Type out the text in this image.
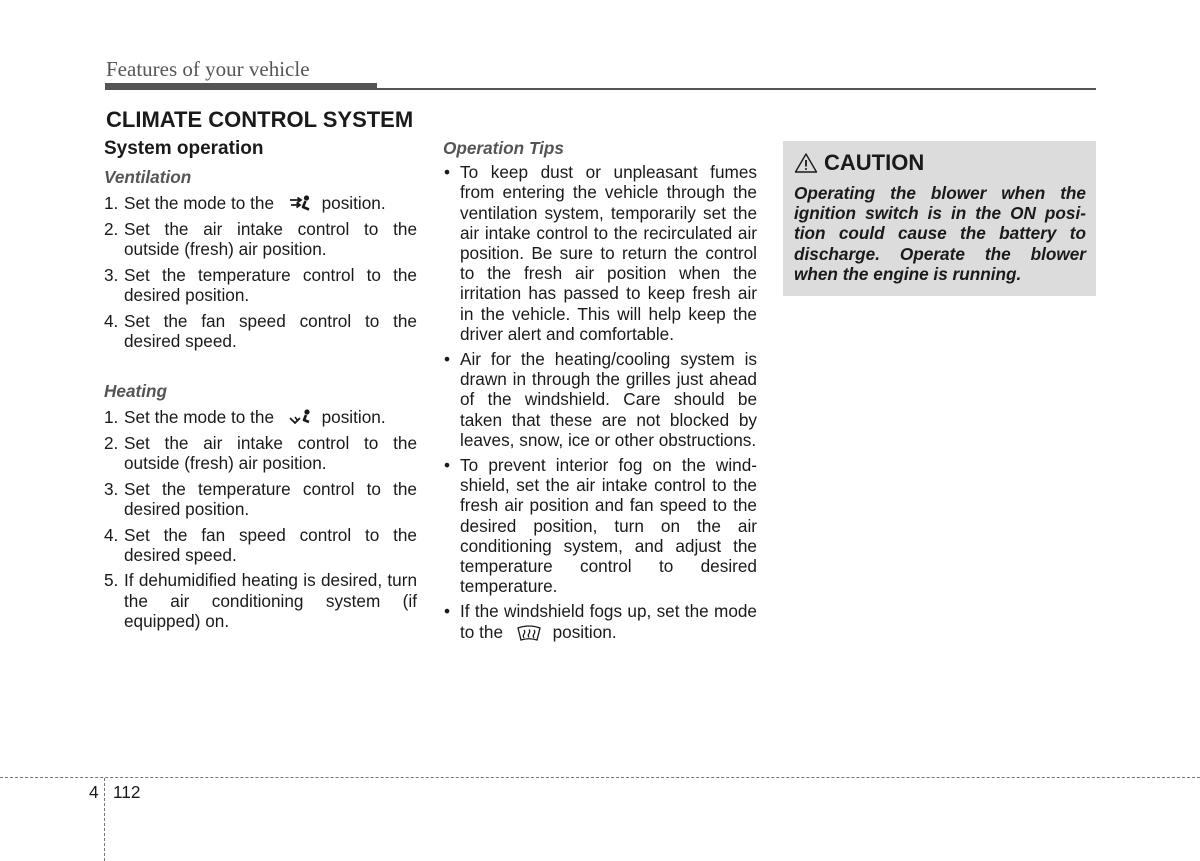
Features of your vehicle
CLIMATE CONTROL SYSTEM
System operation
Ventilation
1. Set the mode to the	position.
2. Set the air intake control to the outside (fresh) air position.
3. Set the temperature control to the desired position.
4. Set the fan speed control to the desired speed.
Heating
1. Set the mode to the	position.
2. Set the air intake control to the outside (fresh) air position.
3. Set the temperature control to the desired position.
4. Set the fan speed control to the desired speed.
5. If dehumidified heating is desired, turn the air conditioning system (if equipped) on.
Operation Tips
• To keep dust or unpleasant fumes from entering the vehicle through the ventilation system, temporarily set the air intake control to the recirculated air position. Be sure to return the control to the fresh air position when the irritation has passed to keep fresh air in the vehicle. This will help keep the driver alert and comfortable.
• Air for the heating/cooling system is drawn in through the grilles just ahead of the windshield. Care should be taken that these are not blocked by leaves, snow, ice or other obstructions.
• To prevent interior fog on the windshield, set the air intake control to the fresh air position and fan speed to the desired position, turn on the air conditioning system, and adjust the temperature control to desired temperature.
• If the windshield fogs up, set the mode to the	position.
CAUTION
Operating the blower when the ignition switch is in the ON position could cause the battery to discharge. Operate the blower when the engine is running.
4 112
